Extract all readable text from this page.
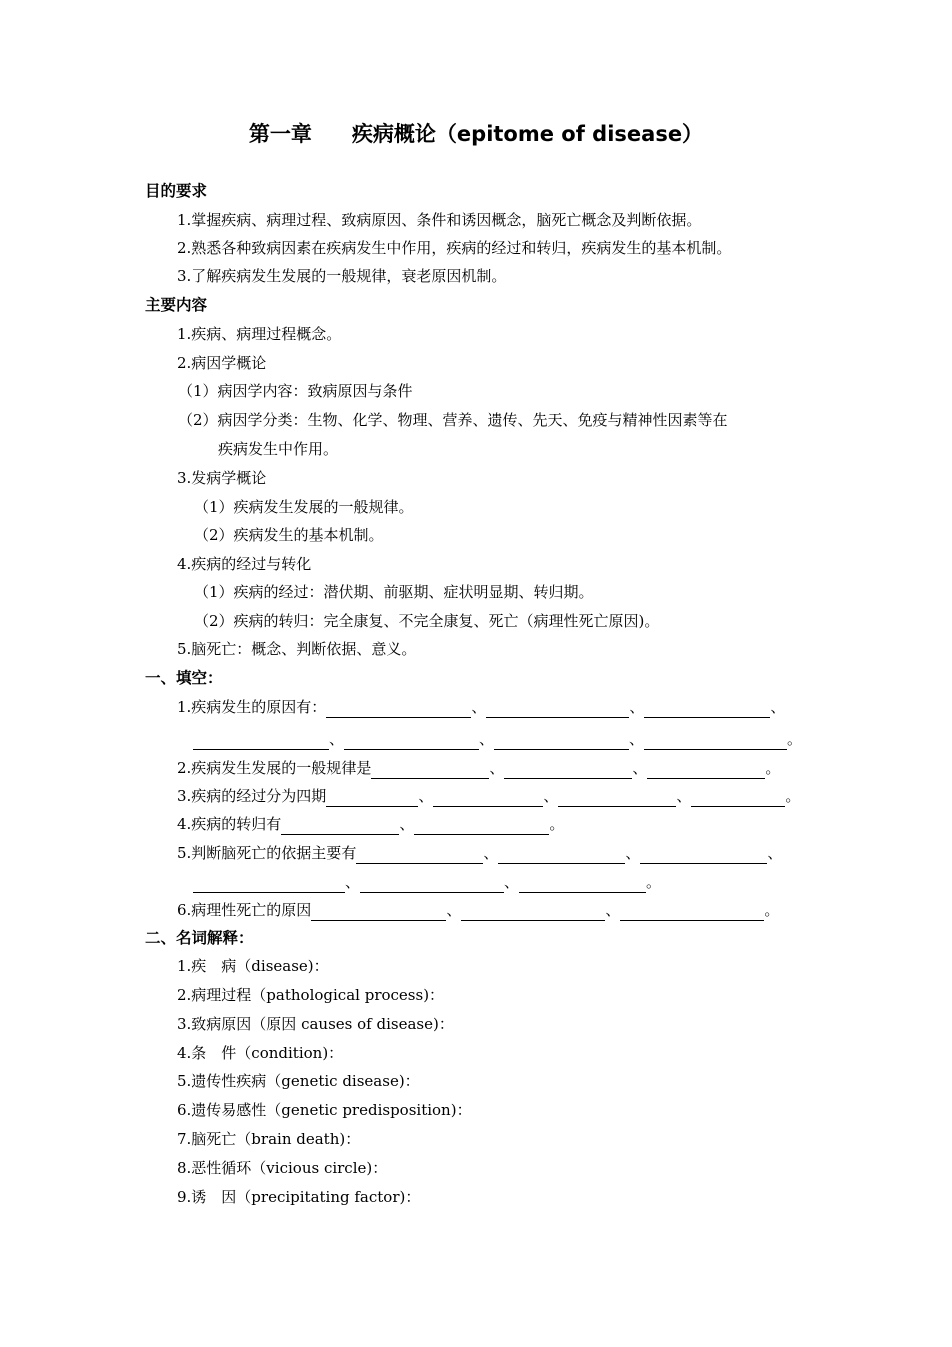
第一章 疾病概论（epitome of disease）
目的要求
1.掌握疾病、病理过程、致病原因、条件和诱因概念，脑死亡概念及判断依据。
2.熟悉各种致病因素在疾病发生中作用，疾病的经过和转归，疾病发生的基本机制。
3.了解疾病发生发展的一般规律，衰老原因机制。
主要内容
1.疾病、病理过程概念。
2.病因学概论
（1）病因学内容：致病原因与条件
（2）病因学分类：生物、化学、物理、营养、遗传、先天、免疫与精神性因素等在
疾病发生中作用。
3.发病学概论
（1）疾病发生发展的一般规律。
（2）疾病发生的基本机制。
4.疾病的经过与转化
（1）疾病的经过：潜伏期、前驱期、症状明显期、转归期。
（2）疾病的转归：完全康复、不完全康复、死亡（病理性死亡原因)。
5.脑死亡：概念、判断依据、意义。
一、填空：
1.疾病发生的原因有：	、	、	、
、	、	、	。
2.疾病发生发展的一般规律是	、	、	。
3.疾病的经过分为四期	、	、	、	。
4.疾病的转归有	、	。
5.判断脑死亡的依据主要有	、	、	、
、	、	。
6.病理性死亡的原因	、	、	。
二、名词解释：
1.疾　病（disease)：
2.病理过程（pathological process)：
3.致病原因（原因 causes of disease)：
4.条　件（condition)：
5.遗传性疾病（genetic disease)：
6.遗传易感性（genetic predisposition)：
7.脑死亡（brain death)：
8.恶性循环（vicious circle)：
9.诱　因（precipitating factor)：
